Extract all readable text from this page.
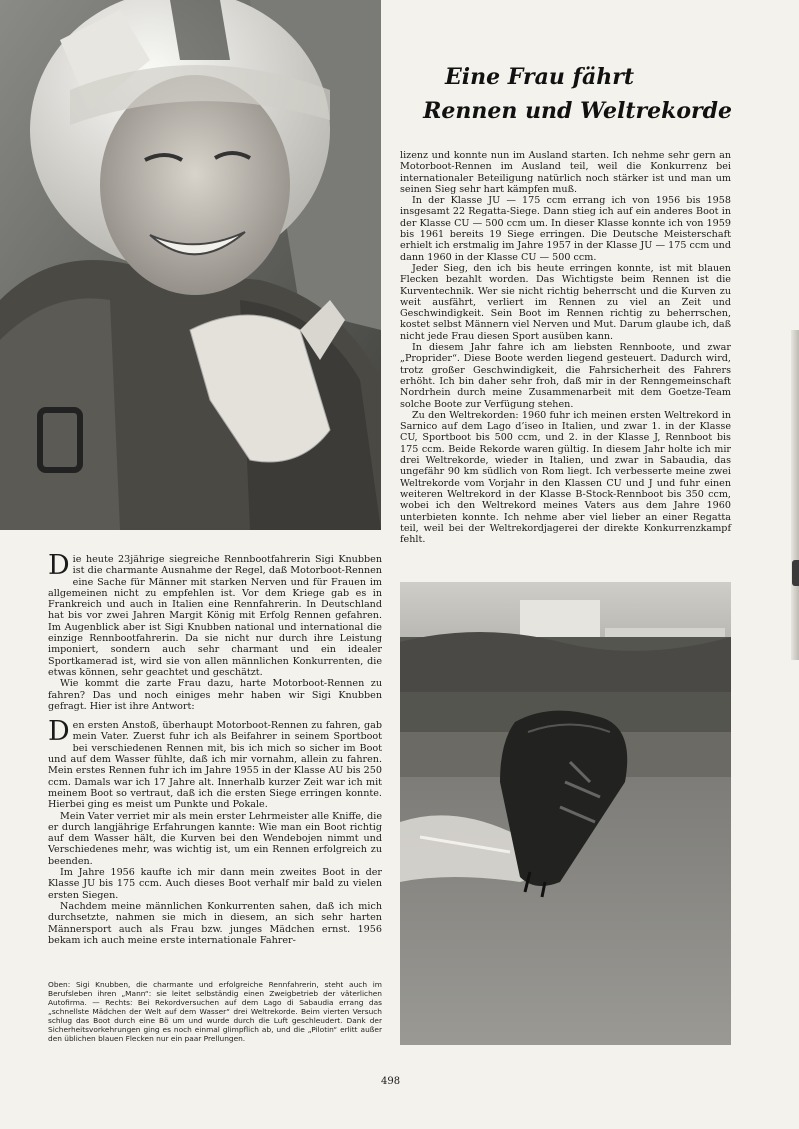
Eine Frau fährt
Rennen und Weltrekorde

lizenz und konnte nun im Ausland starten. Ich nehme sehr gern an Motorboot-Rennen im Ausland teil, weil die Konkurrenz bei internationaler Beteiligung natürlich noch stärker ist und man um seinen Sieg sehr hart kämpfen muß.

In der Klasse JU — 175 ccm errang ich von 1956 bis 1958 insgesamt 22 Regatta-Siege. Dann stieg ich auf ein anderes Boot in der Klasse CU — 500 ccm um. In dieser Klasse konnte ich von 1959 bis 1961 bereits 19 Siege erringen. Die Deutsche Meisterschaft erhielt ich erstmalig im Jahre 1957 in der Klasse JU — 175 ccm und dann 1960 in der Klasse CU — 500 ccm.

Jeder Sieg, den ich bis heute erringen konnte, ist mit blauen Flecken bezahlt worden. Das Wichtigste beim Rennen ist die Kurventechnik. Wer sie nicht richtig beherrscht und die Kurven zu weit ausfährt, verliert im Rennen zu viel an Zeit und Geschwindigkeit. Sein Boot im Rennen richtig zu beherrschen, kostet selbst Männern viel Nerven und Mut. Darum glaube ich, daß nicht jede Frau diesen Sport ausüben kann.

In diesem Jahr fahre ich am liebsten Rennboote, und zwar „Proprider“. Diese Boote werden liegend gesteuert. Dadurch wird, trotz großer Geschwindigkeit, die Fahrsicherheit des Fahrers erhöht. Ich bin daher sehr froh, daß mir in der Renngemeinschaft Nordrhein durch meine Zusammenarbeit mit dem Goetze-Team solche Boote zur Verfügung stehen.

Zu den Weltrekorden: 1960 fuhr ich meinen ersten Weltrekord in Sarnico auf dem Lago d’iseo in Italien, und zwar 1. in der Klasse CU, Sportboot bis 500 ccm, und 2. in der Klasse J, Rennboot bis 175 ccm. Beide Rekorde waren gültig. In diesem Jahr holte ich mir drei Weltrekorde, wieder in Italien, und zwar in Sabaudia, das ungefähr 90 km südlich von Rom liegt. Ich verbesserte meine zwei Weltrekorde vom Vorjahr in den Klassen CU und J und fuhr einen weiteren Weltrekord in der Klasse B-Stock-Rennboot bis 350 ccm, wobei ich den Weltrekord meines Vaters aus dem Jahre 1960 unterbieten konnte. Ich nehme aber viel lieber an einer Regatta teil, weil bei der Weltrekordjagerei der direkte Konkurrenzkampf fehlt.

Die heute 23jährige siegreiche Rennbootfahrerin Sigi Knubben ist die charmante Ausnahme der Regel, daß Motorboot-Rennen eine Sache für Männer mit starken Nerven und für Frauen im allgemeinen nicht zu empfehlen ist. Vor dem Kriege gab es in Frankreich und auch in Italien eine Rennfahrerin. In Deutschland hat bis vor zwei Jahren Margit König mit Erfolg Rennen gefahren. Im Augenblick aber ist Sigi Knubben national und international die einzige Rennbootfahrerin. Da sie nicht nur durch ihre Leistung imponiert, sondern auch sehr charmant und ein idealer Sportkamerad ist, wird sie von allen männlichen Konkurrenten, die etwas können, sehr geachtet und geschätzt.

Wie kommt die zarte Frau dazu, harte Motorboot-Rennen zu fahren? Das und noch einiges mehr haben wir Sigi Knubben gefragt. Hier ist ihre Antwort:

Den ersten Anstoß, überhaupt Motorboot-Rennen zu fahren, gab mein Vater. Zuerst fuhr ich als Beifahrer in seinem Sportboot bei verschiedenen Rennen mit, bis ich mich so sicher im Boot und auf dem Wasser fühlte, daß ich mir vornahm, allein zu fahren. Mein erstes Rennen fuhr ich im Jahre 1955 in der Klasse AU bis 250 ccm. Damals war ich 17 Jahre alt. Innerhalb kurzer Zeit war ich mit meinem Boot so vertraut, daß ich die ersten Siege erringen konnte. Hierbei ging es meist um Punkte und Pokale.

Mein Vater verriet mir als mein erster Lehrmeister alle Kniffe, die er durch langjährige Erfahrungen kannte: Wie man ein Boot richtig auf dem Wasser hält, die Kurven bei den Wendebojen nimmt und Verschiedenes mehr, was wichtig ist, um ein Rennen erfolgreich zu beenden.

Im Jahre 1956 kaufte ich mir dann mein zweites Boot in der Klasse JU bis 175 ccm. Auch dieses Boot verhalf mir bald zu vielen ersten Siegen.

Nachdem meine männlichen Konkurrenten sahen, daß ich mich durchsetzte, nahmen sie mich in diesem, an sich sehr harten Männersport auch als Frau bzw. junges Mädchen ernst. 1956 bekam ich auch meine erste internationale Fahrer-

Oben: Sigi Knubben, die charmante und erfolgreiche Rennfahrerin, steht auch im Berufsleben ihren „Mann“: sie leitet selbständig einen Zweigbetrieb der väterlichen Autofirma. — Rechts: Bei Rekordversuchen auf dem Lago di Sabaudia errang das „schnellste Mädchen der Welt auf dem Wasser“ drei Weltrekorde. Beim vierten Versuch schlug das Boot durch eine Bö um und wurde durch die Luft geschleudert. Dank der Sicherheitsvorkehrungen ging es noch einmal glimpflich ab, und die „Pilotin“ erlitt außer den üblichen blauen Flecken nur ein paar Prellungen.
498
